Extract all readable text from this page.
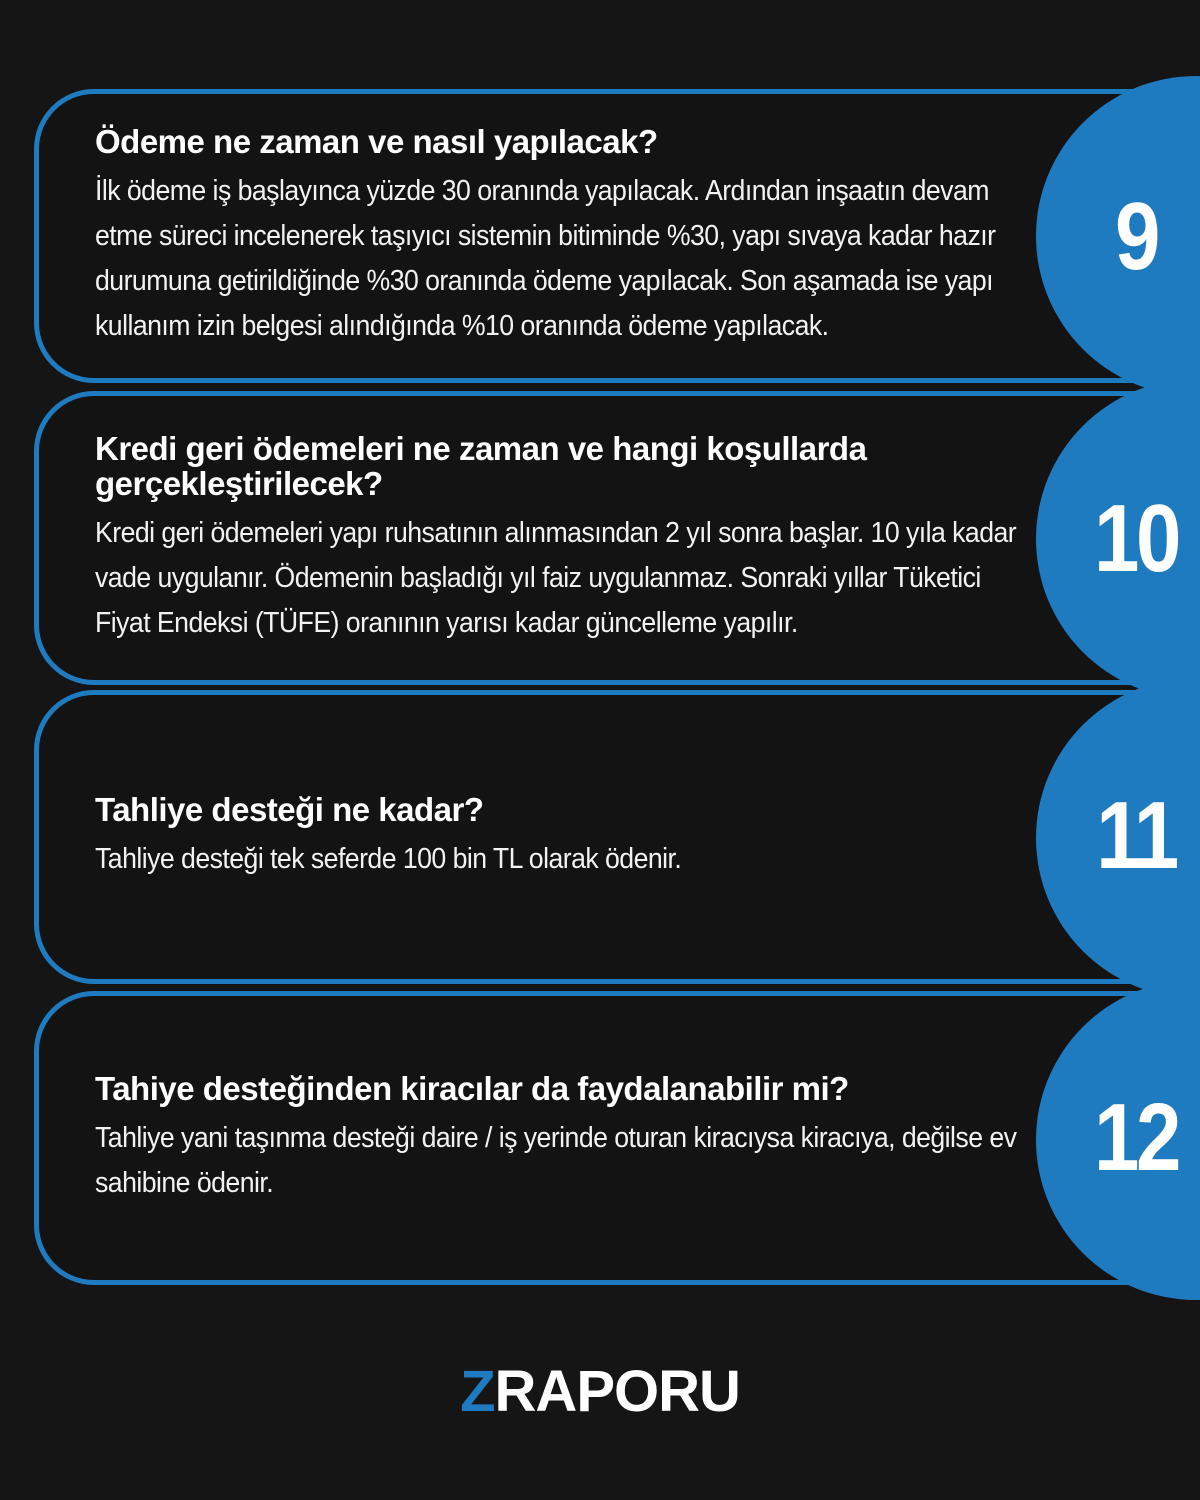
Ödeme ne zaman ve nasıl yapılacak?

İlk ödeme iş başlayınca yüzde 30 oranında yapılacak. Ardından inşaatın devam etme süreci incelenerek taşıyıcı sistemin bitiminde %30, yapı sıvaya kadar hazır durumuna getirildiğinde %30 oranında ödeme yapılacak. Son aşamada ise yapı kullanım izin belgesi alındığında %10 oranında ödeme yapılacak.

9

Kredi geri ödemeleri ne zaman ve hangi koşullarda gerçekleştirilecek?

Kredi geri ödemeleri yapı ruhsatının alınmasından 2 yıl sonra başlar. 10 yıla kadar vade uygulanır. Ödemenin başladığı yıl faiz uygulanmaz. Sonraki yıllar Tüketici Fiyat Endeksi (TÜFE) oranının yarısı kadar güncelleme yapılır.

10

Tahliye desteği ne kadar?

Tahliye desteği tek seferde 100 bin TL olarak ödenir.	11

Tahiye desteğinden kiracılar da faydalanabilir mi?

Tahliye yani taşınma desteği daire / iş yerinde oturan kiracıysa kiracıya, değilse ev sahibine ödenir.	12
ZRAPORU
